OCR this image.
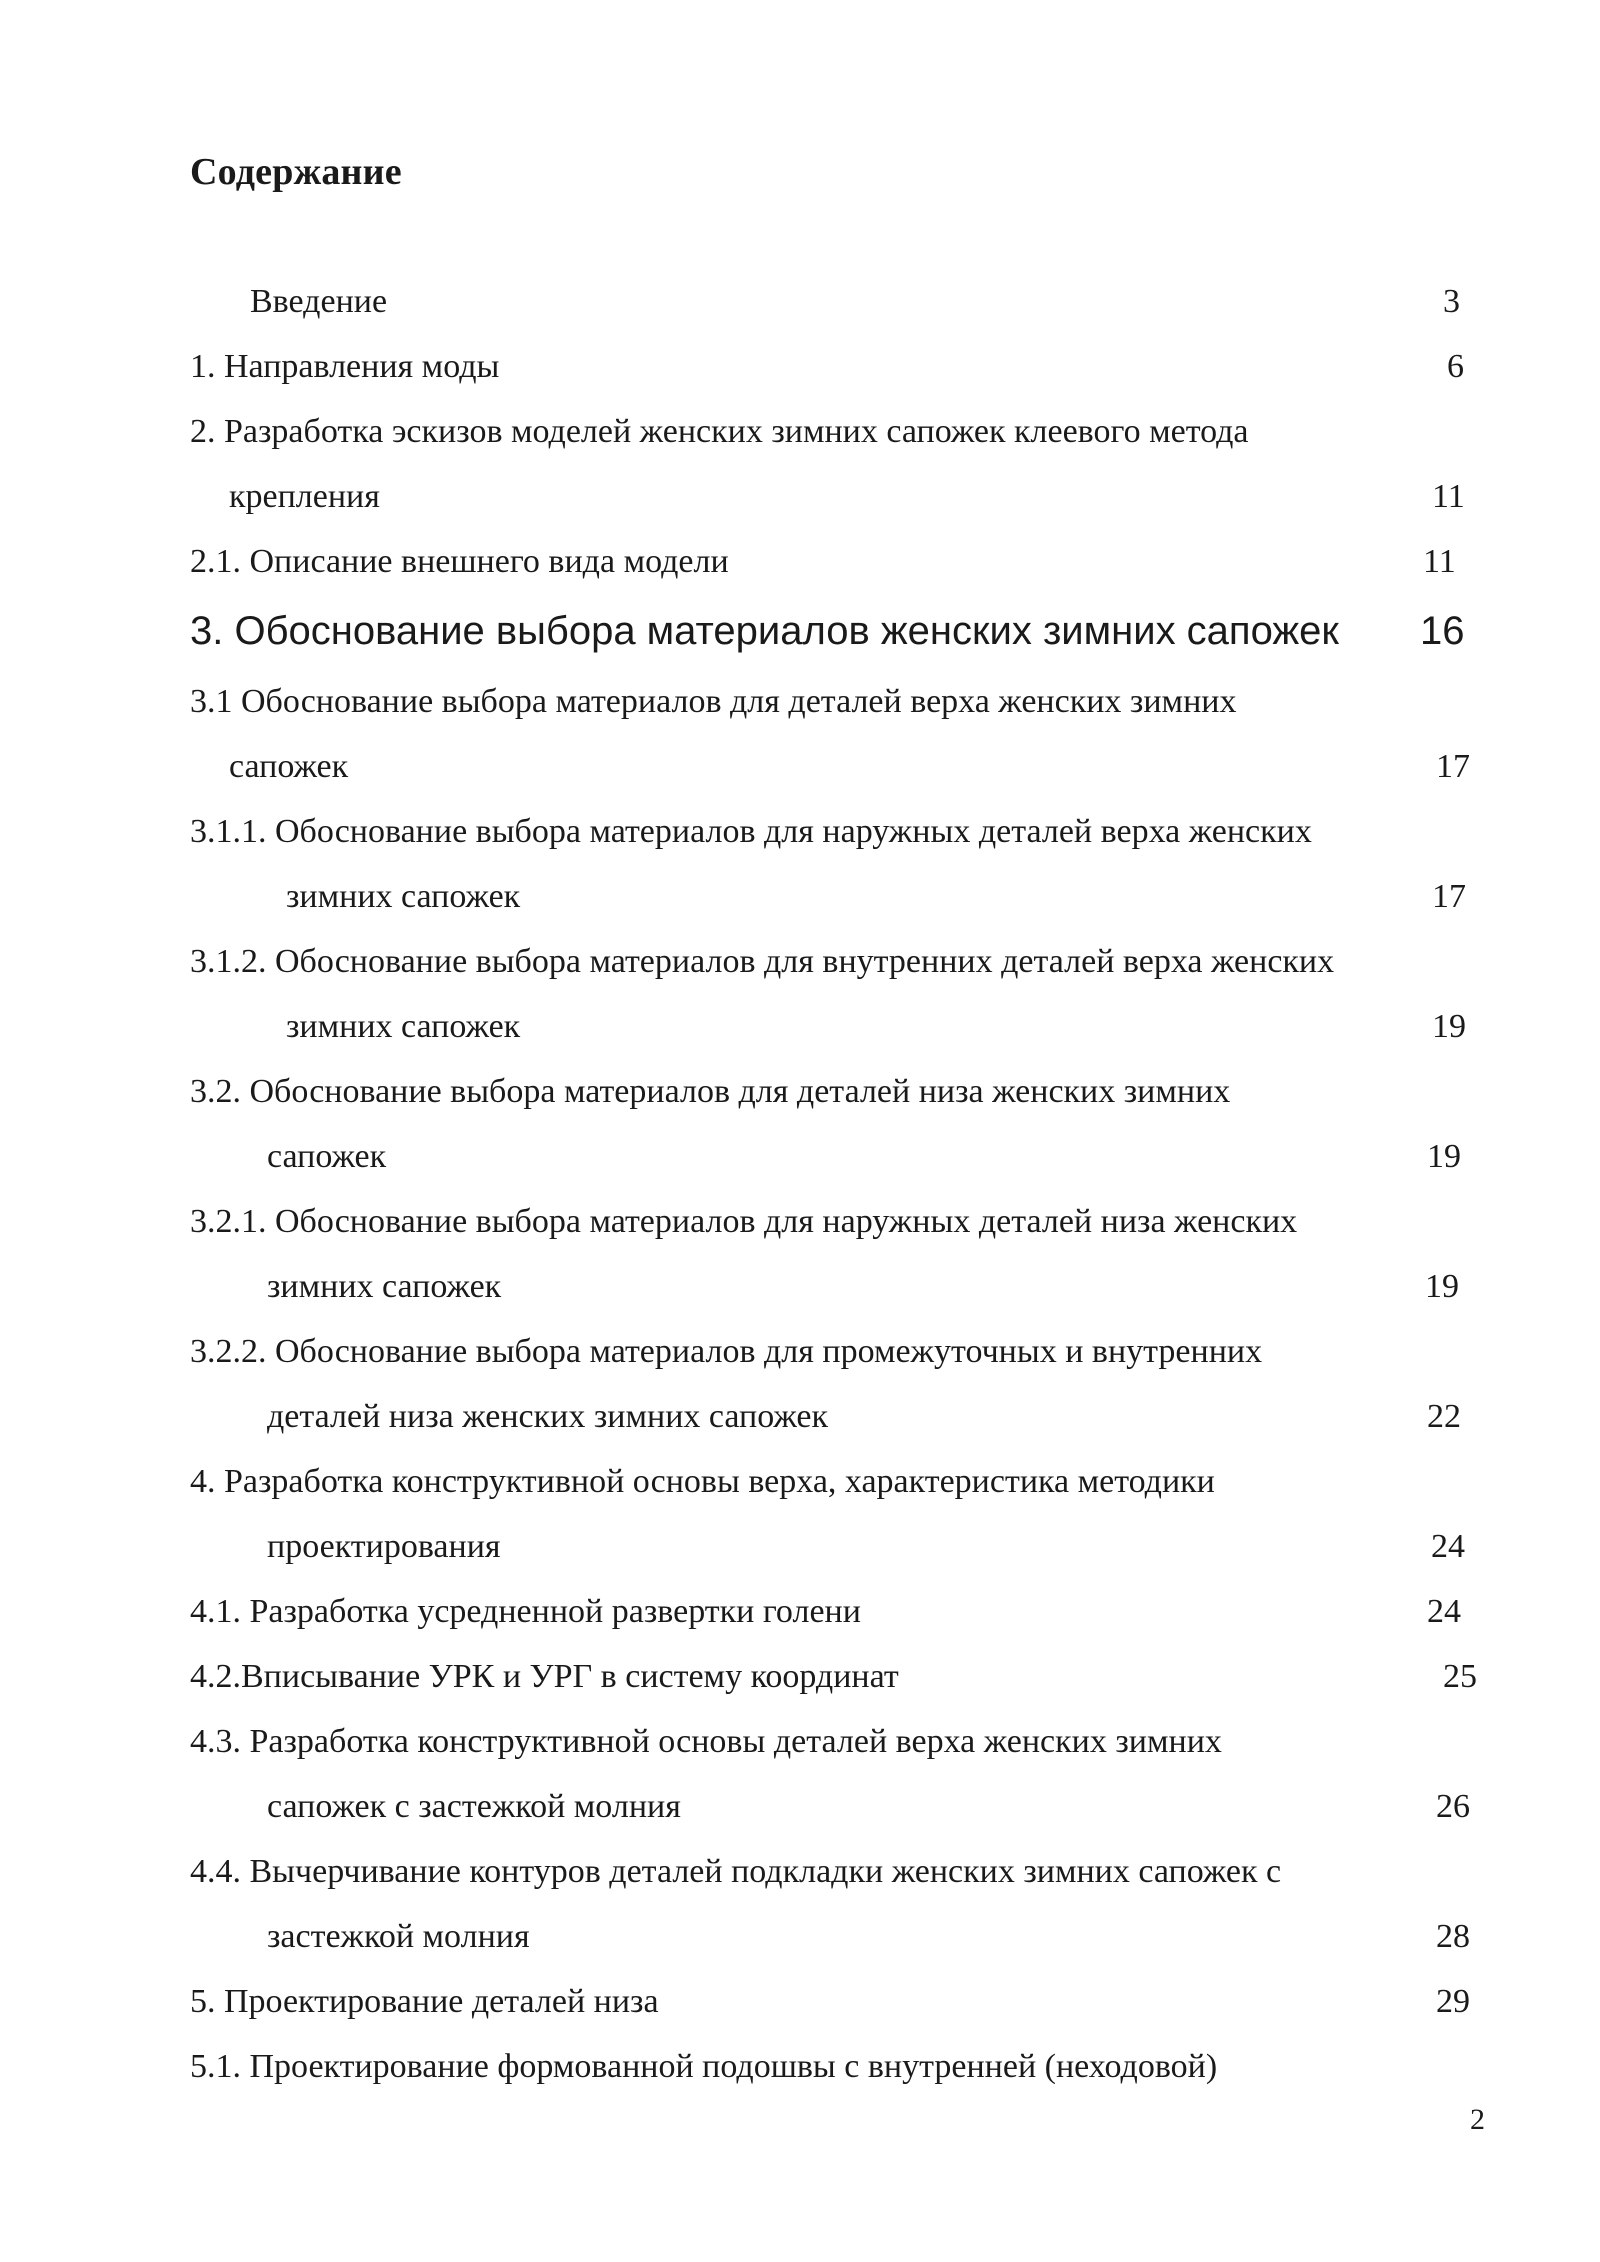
Содержание
Введение	3
1. Направления моды	6
2. Разработка эскизов моделей женских зимних сапожек клеевого метода
крепления	11
2.1. Описание внешнего вида модели	11
3. Обоснование выбора материалов женских зимних сапожек 16
3.1 Обоснование выбора материалов для деталей верха женских зимних
сапожек	17
3.1.1. Обоснование выбора материалов для наружных деталей верха женских
зимних сапожек	17
3.1.2. Обоснование выбора материалов для внутренних деталей верха женских
зимних сапожек	19
3.2. Обоснование выбора материалов для деталей низа женских зимних
сапожек	19
3.2.1. Обоснование выбора материалов для наружных деталей низа женских
зимних сапожек	19
3.2.2. Обоснование выбора материалов для промежуточных и внутренних
деталей низа женских зимних сапожек	22
4. Разработка конструктивной основы верха, характеристика методики
проектирования	24
4.1. Разработка усредненной развертки голени	24
4.2.Вписывание УРК и УРГ в систему координат	25
4.3. Разработка конструктивной основы деталей верха женских зимних
сапожек с застежкой молния	26
4.4. Вычерчивание контуров деталей подкладки женских зимних сапожек с
застежкой молния	28
5. Проектирование деталей низа	29
5.1. Проектирование формованной подошвы с внутренней (неходовой)
2
